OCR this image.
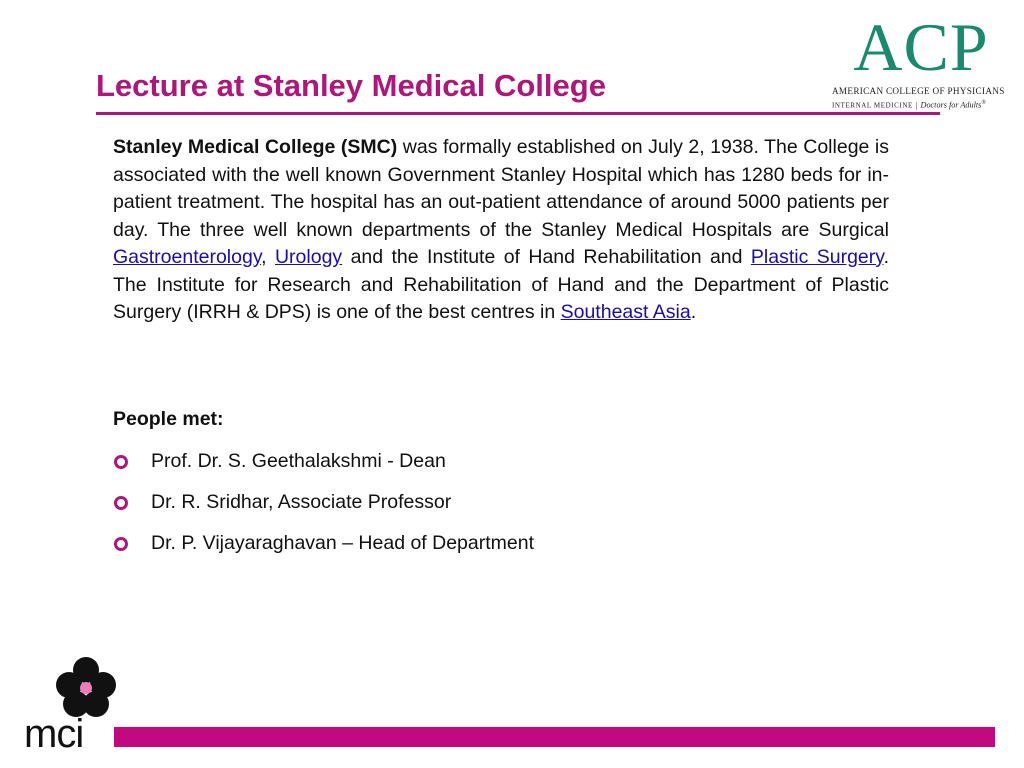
Lecture at Stanley Medical College
ACP
AMERICAN COLLEGE OF PHYSICIANS
INTERNAL MEDICINE | Doctors for Adults®

Stanley Medical College (SMC) was formally established on July 2, 1938. The College is associated with the well known Government Stanley Hospital which has 1280 beds for in-patient treatment. The hospital has an out-patient attendance of around 5000 patients per day. The three well known departments of the Stanley Medical Hospitals are Surgical Gastroenterology, Urology and the Institute of Hand Rehabilitation and Plastic Surgery. The Institute for Research and Rehabilitation of Hand and the Department of Plastic Surgery (IRRH & DPS) is one of the best centres in Southeast Asia.

People met:
Prof. Dr. S. Geethalakshmi - Dean
Dr. R. Sridhar, Associate Professor
Dr. P. Vijayaraghavan – Head of Department
mci
